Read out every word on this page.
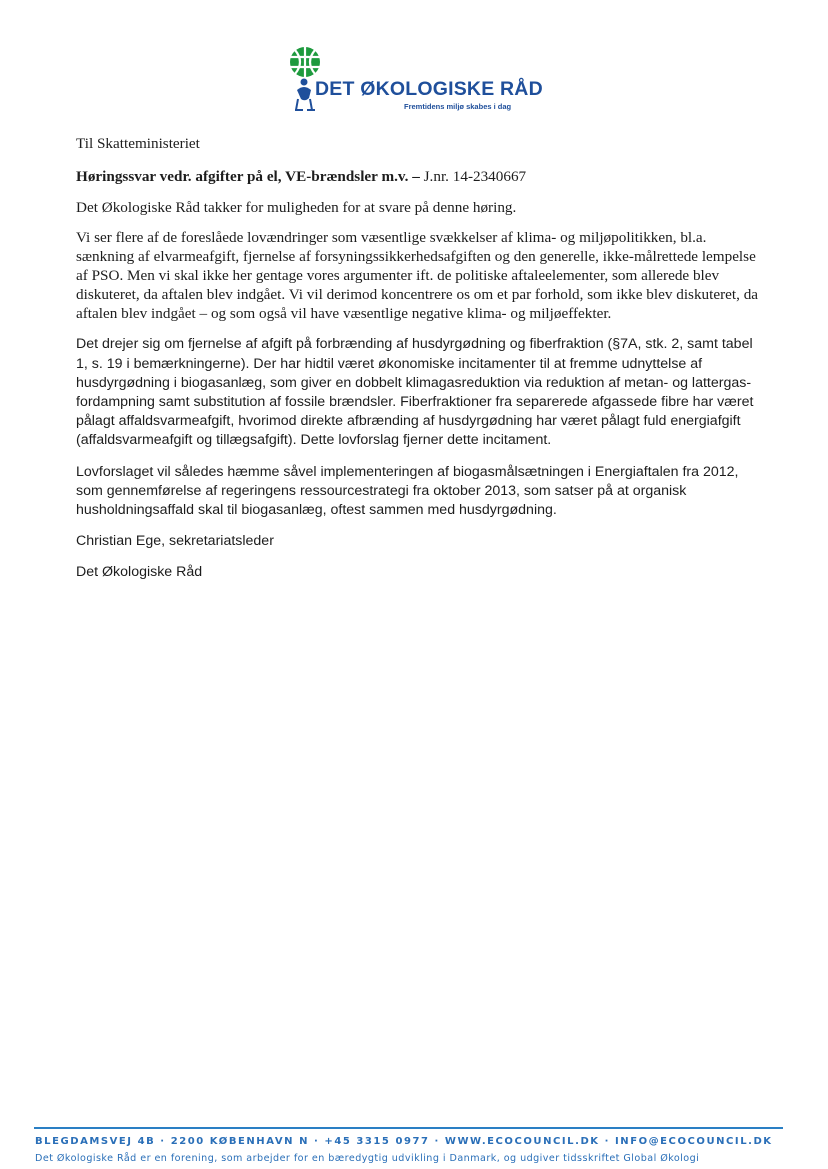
DET ØKOLOGISKE RÅD
Fremtidens miljø skabes i dag

Til Skatteministeriet

Høringssvar vedr. afgifter på el, VE-brændsler m.v. – J.nr. 14-2340667

Det Økologiske Råd takker for muligheden for at svare på denne høring.

Vi ser flere af de foreslåede lovændringer som væsentlige svækkelser af klima- og miljøpolitikken, bl.a. sænkning af elvarmeafgift, fjernelse af forsyningssikkerhedsafgiften og den generelle, ikke-målrettede lempelse af PSO. Men vi skal ikke her gentage vores argumenter ift. de politiske aftaleelementer, som allerede blev diskuteret, da aftalen blev indgået. Vi vil derimod koncentrere os om et par forhold, som ikke blev diskuteret, da aftalen blev indgået – og som også vil have væsentlige negative klima- og miljøeffekter.

Det drejer sig om fjernelse af afgift på forbrænding af husdyrgødning og fiberfraktion (§7A, stk. 2, samt tabel 1, s. 19 i bemærkningerne). Der har hidtil været økonomiske incitamenter til at fremme udnyttelse af husdyrgødning i biogasanlæg, som giver en dobbelt klimagasreduktion via reduktion af metan- og lattergas-fordampning samt substitution af fossile brændsler. Fiberfraktioner fra separerede afgassede fibre har været pålagt affaldsvarmeafgift, hvorimod direkte afbrænding af husdyrgødning har været pålagt fuld energiafgift (affaldsvarmeafgift og tillægsafgift). Dette lovforslag fjerner dette incitament.

Lovforslaget vil således hæmme såvel implementeringen af biogasmålsætningen i Energiaftalen fra 2012, som gennemførelse af regeringens ressourcestrategi fra oktober 2013, som satser på at organisk husholdningsaffald skal til biogasanlæg, oftest sammen med husdyrgødning.

Christian Ege, sekretariatsleder

Det Økologiske Råd

BLEGDAMSVEJ 4B · 2200 KØBENHAVN N · +45 3315 0977 · WWW.ECOCOUNCIL.DK · INFO@ECOCOUNCIL.DK
Det Økologiske Råd er en forening, som arbejder for en bæredygtig udvikling i Danmark, og udgiver tidsskriftet Global Økologi
